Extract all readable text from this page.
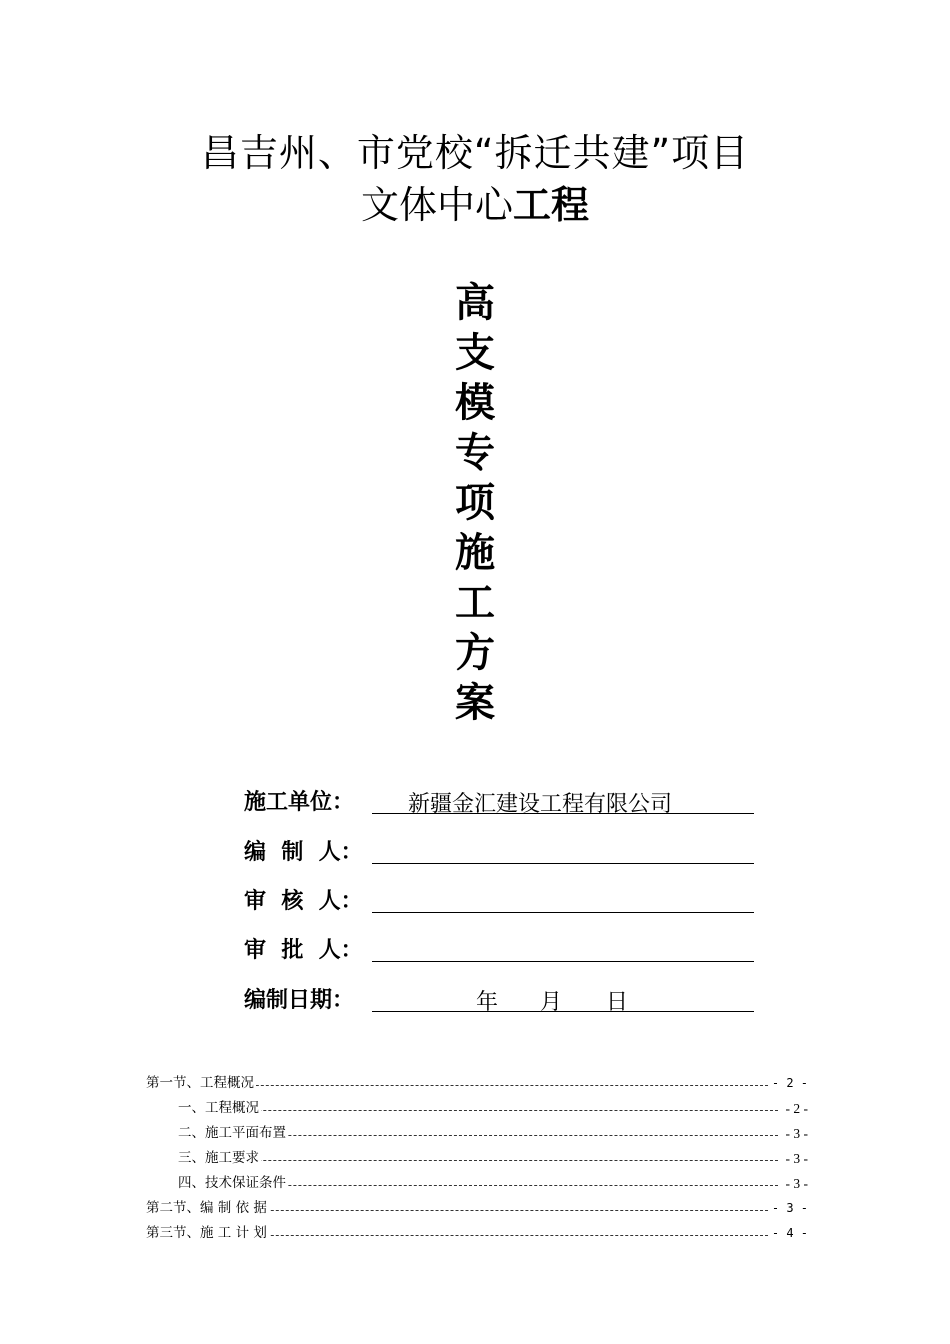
昌吉州、市党校“拆迁共建”项目
文体中心工程
高
支
模
专
项
施
工
方
案
施工单位： 新疆金汇建设工程有限公司
编  制  人：
审  核  人：
审  批  人：
编制日期：	年 月 日
第一节、工程概况	- 2 -
一、工程概况	- 2 -
二、施工平面布置	- 3 -
三、施工要求	- 3 -
四、技术保证条件	- 3 -
第二节、编 制 依 据	- 3 -
第三节、施 工 计 划	- 4 -
